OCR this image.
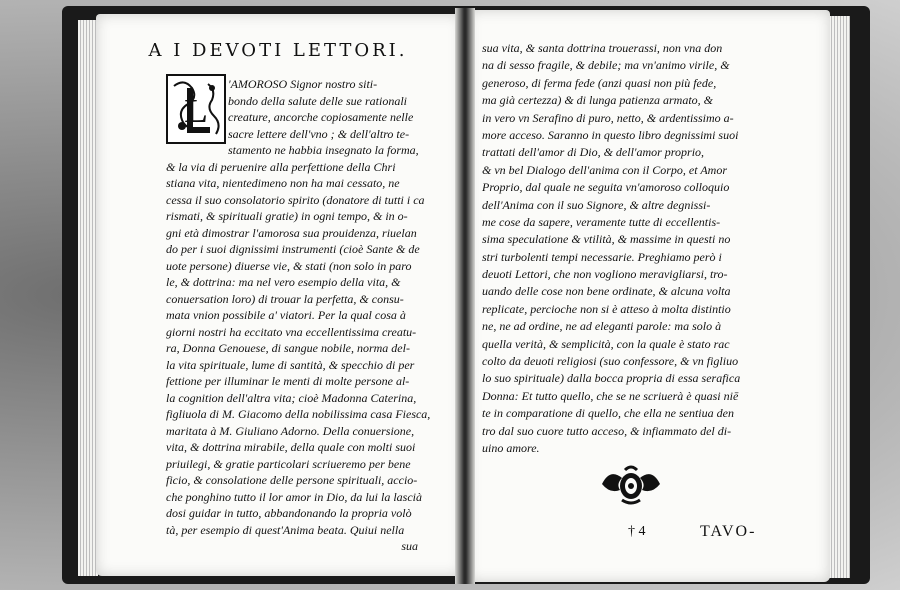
A I DEVOTI LETTORI.
L
'AMOROSO Signor nostro siti-
bondo della salute delle sue rationali
creature, ancorche copiosamente nelle
sacre lettere dell'vno ; & dell'altro te-
stamento ne habbia insegnato la forma,
& la via di peruenire alla perfettione della Chri
stiana vita, nientedimeno non ha mai cessato, ne
cessa il suo consolatorio spirito (donatore di tutti i ca
rismati, & spirituali gratie) in ogni tempo, & in o-
gni età dimostrar l'amorosa sua prouidenza, riuelan
do per i suoi dignissimi instrumenti (cioè Sante & de
uote persone) diuerse vie, & stati (non solo in paro
le, & dottrina: ma nel vero esempio della vita, &
conuersation loro) di trouar la perfetta, & consu-
mata vnion possibile a' viatori. Per la qual cosa à
giorni nostri ha eccitato vna eccellentissima creatu-
ra, Donna Genouese, di sangue nobile, norma del-
la vita spirituale, lume di santità, & specchio di per
fettione per illuminar le menti di molte persone al-
la cognition dell'altra vita; cioè Madonna Caterina,
figliuola di M. Giacomo della nobilissima casa Fiesca,
maritata à M. Giuliano Adorno. Della conuersione,
vita, & dottrina mirabile, della quale con molti suoi
priuilegi, & gratie particolari scriueremo per bene
ficio, & consolatione delle persone spirituali, accio-
che ponghino tutto il lor amor in Dio, da lui la lascià
dosi guidar in tutto, abbandonando la propria volò
tà, per esempio di quest'Anima beata. Quiui nella
sua
sua vita, & santa dottrina trouerassi, non vna don
na di sesso fragile, & debile; ma vn'animo virile, &
generoso, di ferma fede (anzi quasi non più fede,
ma già certezza) & di lunga patienza armato, &
in vero vn Serafino di puro, netto, & ardentissimo a-
more acceso. Saranno in questo libro degnissimi suoi
trattati dell'amor di Dio, & dell'amor proprio,
& vn bel Dialogo dell'anima con il Corpo, et Amor
Proprio, dal quale ne seguita vn'amoroso colloquio
dell'Anima con il suo Signore, & altre degnissi-
me cose da sapere, veramente tutte di eccellentis-
sima speculatione & vtilità, & massime in questi no
stri turbolenti tempi necessarie. Preghiamo però i
deuoti Lettori, che non vogliono meravigliarsi, tro-
uando delle cose non bene ordinate, & alcuna volta
replicate, percioche non si è atteso à molta distintio
ne, ne ad ordine, ne ad eleganti parole: ma solo à
quella verità, & semplicità, con la quale è stato rac
colto da deuoti religiosi (suo confessore, & vn figliuo
lo suo spirituale) dalla bocca propria di essa serafica
Donna: Et tutto quello, che se ne scriuerà è quasi niē
te in comparatione di quello, che ella ne sentiua den
tro dal suo cuore tutto acceso, & infiammato del di-
uino amore.
† 4	TAVO-
